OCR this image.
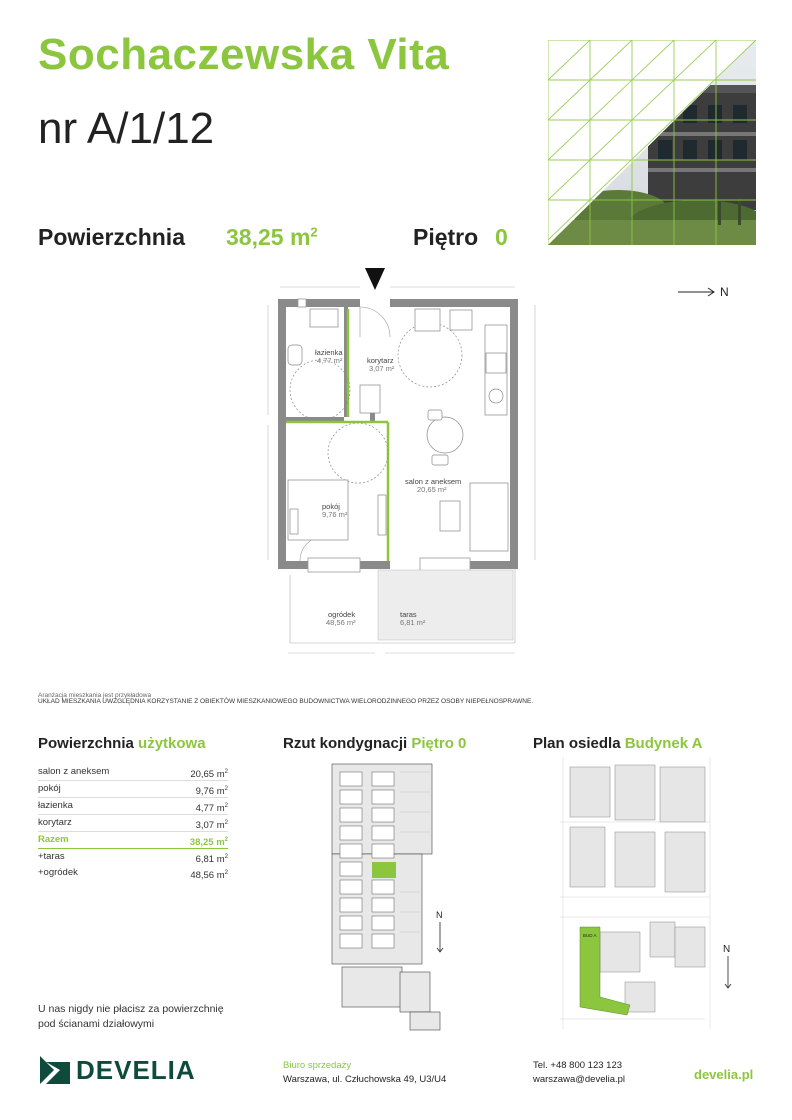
Sochaczewska Vita
nr A/1/12
Powierzchnia 38,25 $m^2$	Piętro 0
N
łazienka
4,77 m²	korytarz
3,07 m²
salon z aneksem
20,65 m²
pokój
9,76 m²
ogródek
48,56 m²
taras
6,81 m²
Aranżacja mieszkania jest przykładowa
UKŁAD MIESZKANIA UWZGLĘDNIA KORZYSTANIE Z OBIEKTÓW MIESZKANIOWEGO BUDOWNICTWA WIELORODZINNEGO PRZEZ OSOBY NIEPEŁNOSPRAWNE.
Powierzchnia użytkowa	Rzut kondygnacji Piętro 0	Plan osiedla Budynek A
salon z aneksem	20,65 $m^2$
pokój	9,76 $m^2$
łazienka	4,77 $m^2$
korytarz	3,07 $m^2$
Razem	38,25 $m^2$
+taras	6,81 $m^2$
+ogródek	48,56 $m^2$
U nas nigdy nie płacisz za powierzchnię pod ścianami działowymi
N
BUD A
N
DEVELIA	Biuro sprzedaży
Warszawa, ul. Człuchowska 49, U3/U4
Tel. +48 800 123 123
warszawa@develia.pl	develia.pl
